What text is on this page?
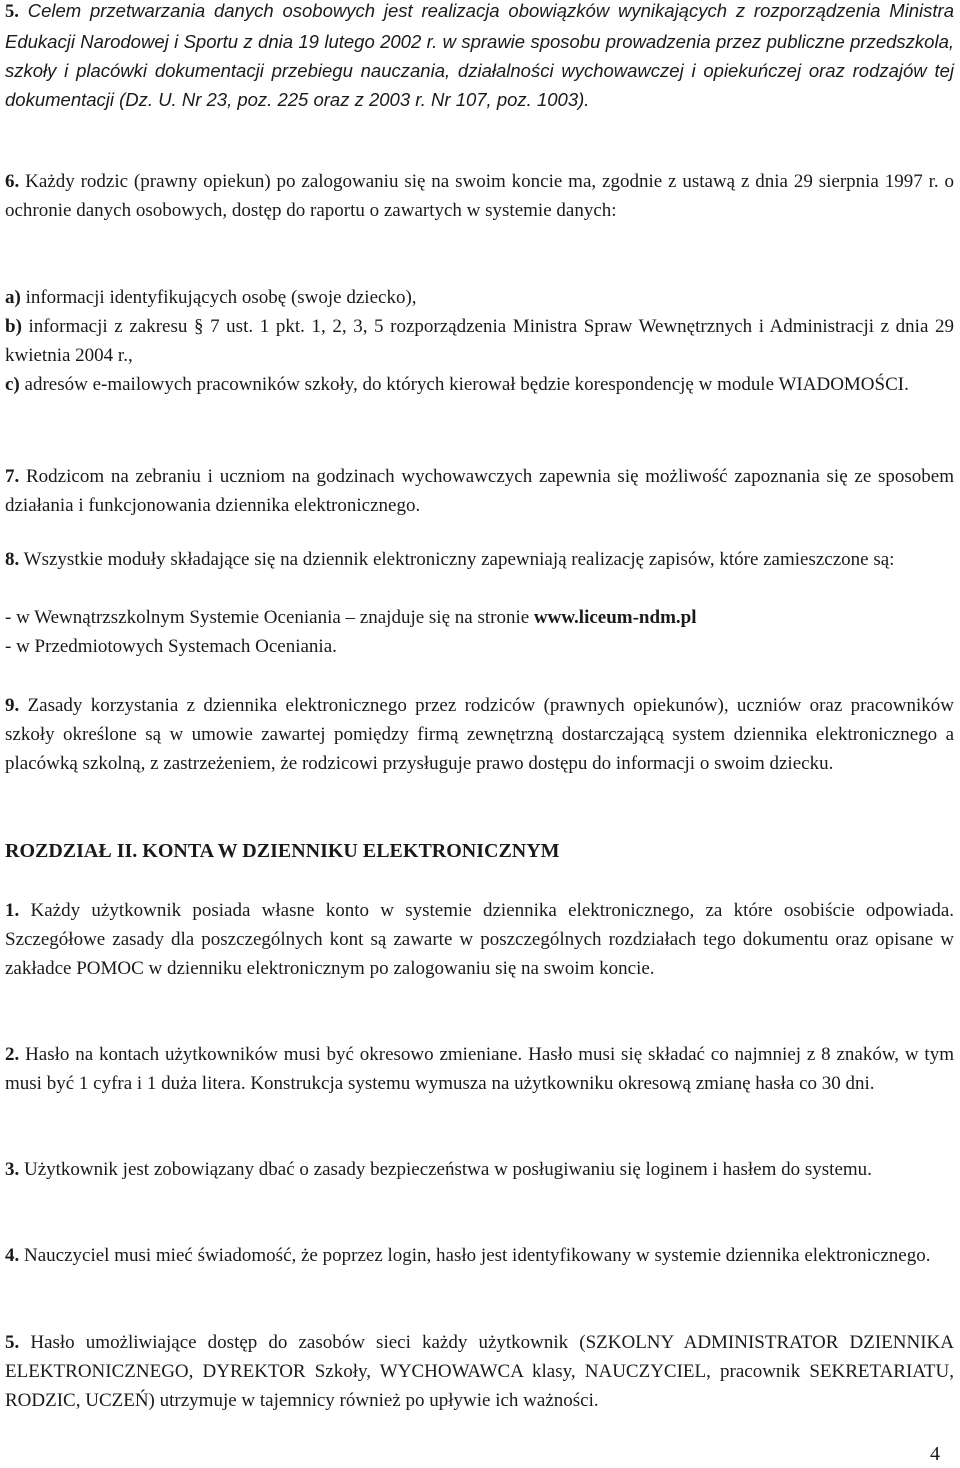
5. Celem przetwarzania danych osobowych jest realizacja obowiązków wynikających z rozporządzenia Ministra Edukacji Narodowej i Sportu z dnia 19 lutego 2002 r. w sprawie sposobu prowadzenia przez publiczne przedszkola, szkoły i placówki dokumentacji przebiegu nauczania, działalności wychowawczej i opiekuńczej oraz rodzajów tej dokumentacji (Dz. U. Nr 23, poz. 225 oraz z 2003 r. Nr 107, poz. 1003).

6. Każdy rodzic (prawny opiekun) po zalogowaniu się na swoim koncie ma, zgodnie z ustawą z dnia 29 sierpnia 1997 r. o ochronie danych osobowych, dostęp do raportu o zawartych w systemie danych:

a) informacji identyfikujących osobę (swoje dziecko),

b) informacji z zakresu § 7 ust. 1 pkt. 1, 2, 3, 5 rozporządzenia Ministra Spraw Wewnętrznych i Administracji z dnia 29 kwietnia 2004 r.,

c) adresów e-mailowych pracowników szkoły, do których kierował będzie korespondencję w module WIADOMOŚCI.

7. Rodzicom na zebraniu i uczniom na godzinach wychowawczych zapewnia się możliwość zapoznania się ze sposobem działania i funkcjonowania dziennika elektronicznego.

8. Wszystkie moduły składające się na dziennik elektroniczny zapewniają realizację zapisów, które zamieszczone są:

- w Wewnątrzszkolnym Systemie Oceniania – znajduje się na stronie www.liceum-ndm.pl

- w Przedmiotowych Systemach Oceniania.

9. Zasady korzystania z dziennika elektronicznego przez rodziców (prawnych opiekunów), uczniów oraz pracowników szkoły określone są w umowie zawartej pomiędzy firmą zewnętrzną dostarczającą system dziennika elektronicznego a placówką szkolną, z zastrzeżeniem, że rodzicowi przysługuje prawo dostępu do informacji o swoim dziecku.

ROZDZIAŁ II. KONTA W DZIENNIKU ELEKTRONICZNYM

1. Każdy użytkownik posiada własne konto w systemie dziennika elektronicznego, za które osobiście odpowiada. Szczegółowe zasady dla poszczególnych kont są zawarte w poszczególnych rozdziałach tego dokumentu oraz opisane w zakładce POMOC w dzienniku elektronicznym po zalogowaniu się na swoim koncie.

2. Hasło na kontach użytkowników musi być okresowo zmieniane. Hasło musi się składać co najmniej z 8 znaków, w tym musi być 1 cyfra i 1 duża litera. Konstrukcja systemu wymusza na użytkowniku okresową zmianę hasła co 30 dni.

3. Użytkownik jest zobowiązany dbać o zasady bezpieczeństwa w posługiwaniu się loginem i hasłem do systemu.

4. Nauczyciel musi mieć świadomość, że poprzez login, hasło jest identyfikowany w systemie dziennika elektronicznego.

5. Hasło umożliwiające dostęp do zasobów sieci każdy użytkownik (SZKOLNY ADMINISTRATOR DZIENNIKA ELEKTRONICZNEGO, DYREKTOR Szkoły, WYCHOWAWCA klasy, NAUCZYCIEL, pracownik SEKRETARIATU, RODZIC, UCZEŃ) utrzymuje w tajemnicy również po upływie ich ważności.

4
